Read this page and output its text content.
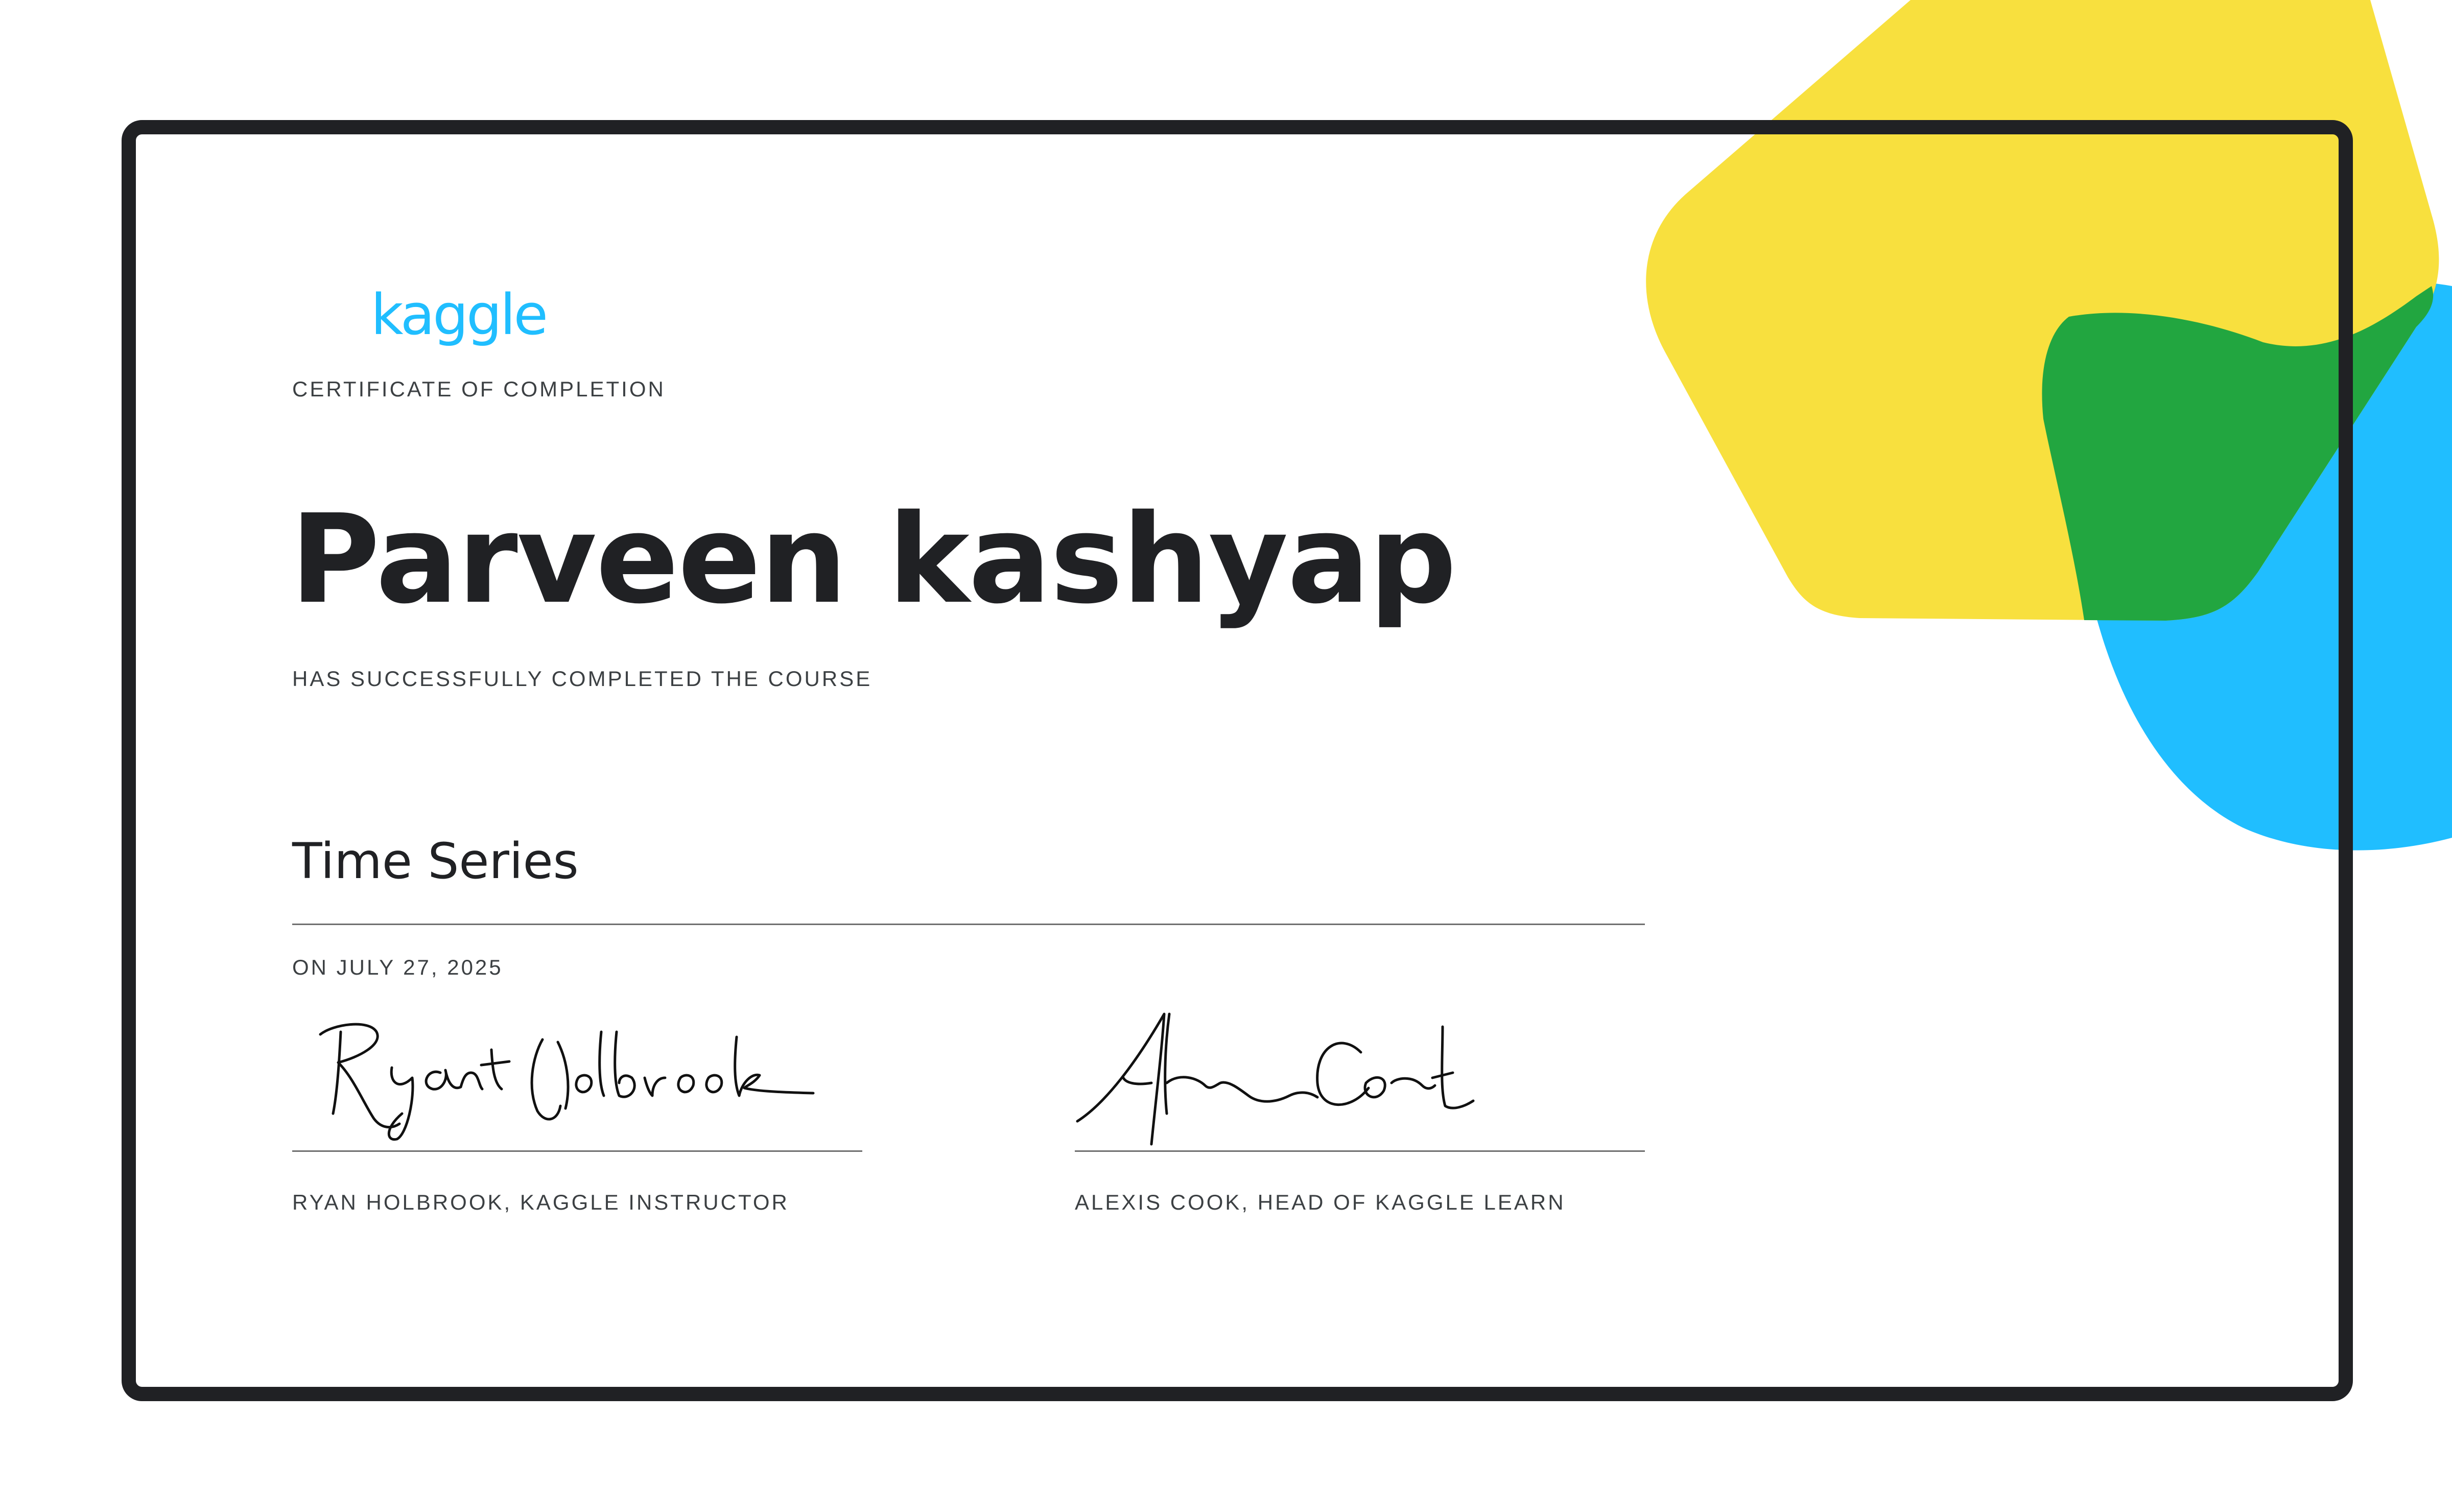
kaggle
CERTIFICATE OF COMPLETION
Parveen kashyap
HAS SUCCESSFULLY COMPLETED THE COURSE
Time Series
ON JULY 27, 2025
RYAN HOLBROOK, KAGGLE INSTRUCTOR	ALEXIS COOK, HEAD OF KAGGLE LEARN
